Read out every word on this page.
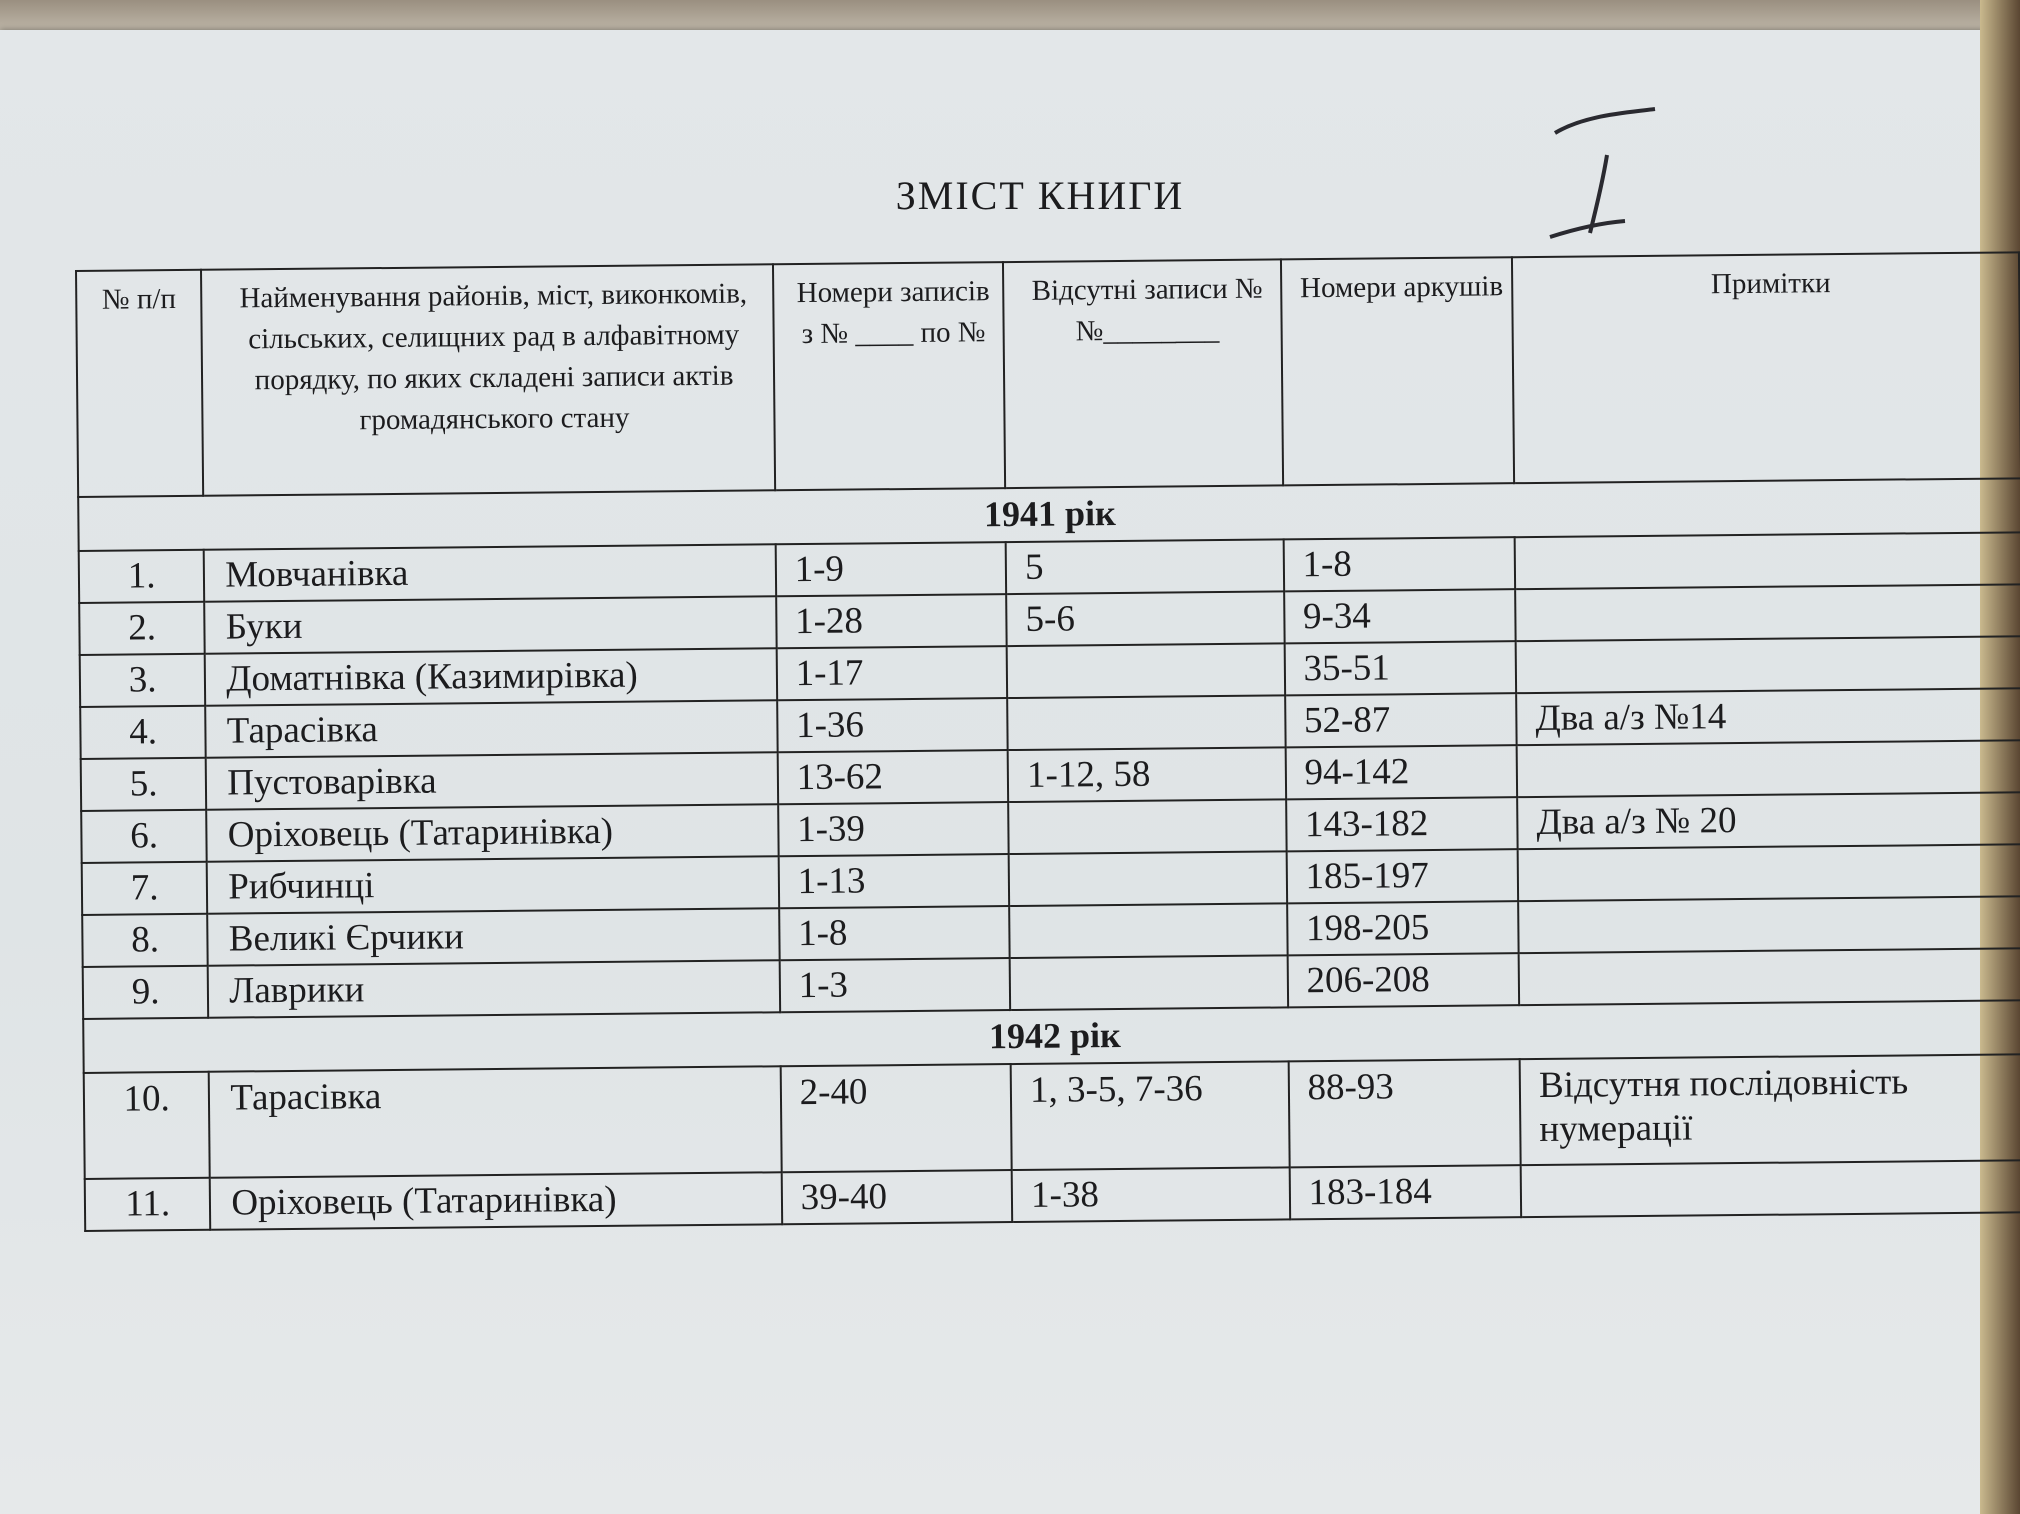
ЗМІСТ КНИГИ
№ п/п	Найменування районів, міст, виконкомів, сільських, селищних рад в алфавітному порядку, по яких складені записи актів громадянського стану	Номери записів з № ____ по №	Відсутні записи №№________	Номери аркушів	Примітки
1941 рік					
1.	Мовчанівка	1-9	5	1-8	
2.	Буки	1-28	5-6	9-34	
3.	Доматнівка (Казимирівка)	1-17		35-51	
4.	Тарасівка	1-36		52-87	Два а/з №14
5.	Пустоварівка	13-62	1-12, 58	94-142	
6.	Оріховець (Татаринівка)	1-39		143-182	Два а/з № 20
7.	Рибчинці	1-13		185-197	
8.	Великі Єрчики	1-8		198-205	
9.	Лаврики	1-3		206-208	
1942 рік					
10.	Тарасівка	2-40	1, 3-5, 7-36	88-93	Відсутня послідовність нумерації
11.	Оріховець (Татаринівка)	39-40	1-38	183-184	
